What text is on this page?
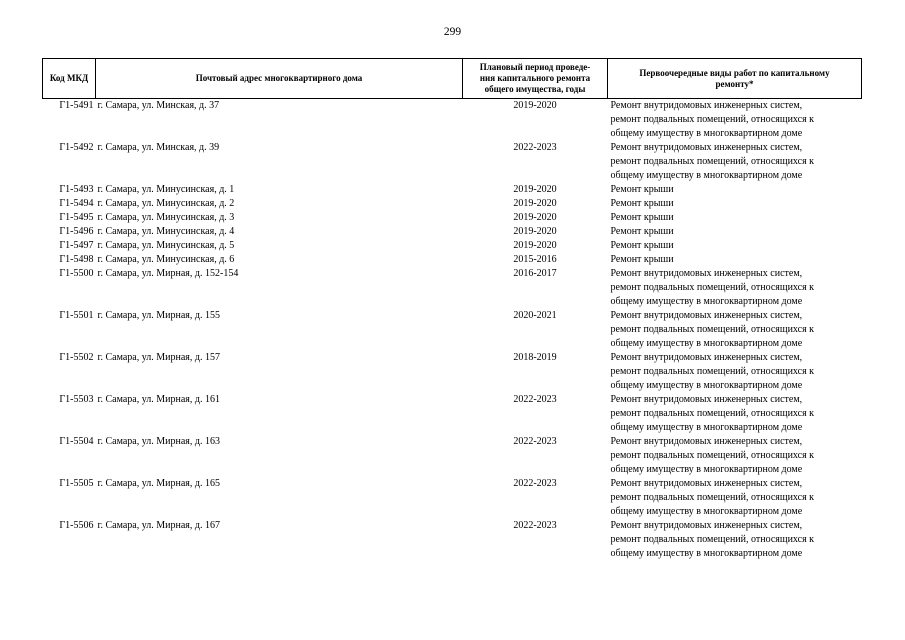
299
Код МКД	Почтовый адрес многоквартирного дома	Плановый период проведе-
ния капитального ремонта
общего имущества, годы	Первоочередные виды работ по капитальному
ремонту*
Г1-5491	г. Самара, ул. Минская, д. 37	2019-2020	Ремонт внутридомовых инженерных систем,
ремонт подвальных помещений, относящихся к
общему имуществу в многоквартирном доме

Г1-5492	г. Самара, ул. Минская, д. 39	2022-2023	Ремонт внутридомовых инженерных систем,
ремонт подвальных помещений, относящихся к
общему имуществу в многоквартирном доме

Г1-5493	г. Самара, ул. Минусинская, д. 1	2019-2020	Ремонт крыши

Г1-5494	г. Самара, ул. Минусинская, д. 2	2019-2020	Ремонт крыши

Г1-5495	г. Самара, ул. Минусинская, д. 3	2019-2020	Ремонт крыши

Г1-5496	г. Самара, ул. Минусинская, д. 4	2019-2020	Ремонт крыши

Г1-5497	г. Самара, ул. Минусинская, д. 5	2019-2020	Ремонт крыши

Г1-5498	г. Самара, ул. Минусинская, д. 6	2015-2016	Ремонт крыши

Г1-5500	г. Самара, ул. Мирная, д. 152-154	2016-2017	Ремонт внутридомовых инженерных систем,
ремонт подвальных помещений, относящихся к
общему имуществу в многоквартирном доме

Г1-5501	г. Самара, ул. Мирная, д. 155	2020-2021	Ремонт внутридомовых инженерных систем,
ремонт подвальных помещений, относящихся к
общему имуществу в многоквартирном доме

Г1-5502	г. Самара, ул. Мирная, д. 157	2018-2019	Ремонт внутридомовых инженерных систем,
ремонт подвальных помещений, относящихся к
общему имуществу в многоквартирном доме

Г1-5503	г. Самара, ул. Мирная, д. 161	2022-2023	Ремонт внутридомовых инженерных систем,
ремонт подвальных помещений, относящихся к
общему имуществу в многоквартирном доме

Г1-5504	г. Самара, ул. Мирная, д. 163	2022-2023	Ремонт внутридомовых инженерных систем,
ремонт подвальных помещений, относящихся к
общему имуществу в многоквартирном доме

Г1-5505	г. Самара, ул. Мирная, д. 165	2022-2023	Ремонт внутридомовых инженерных систем,
ремонт подвальных помещений, относящихся к
общему имуществу в многоквартирном доме

Г1-5506	г. Самара, ул. Мирная, д. 167	2022-2023	Ремонт внутридомовых инженерных систем,
ремонт подвальных помещений, относящихся к
общему имуществу в многоквартирном доме
